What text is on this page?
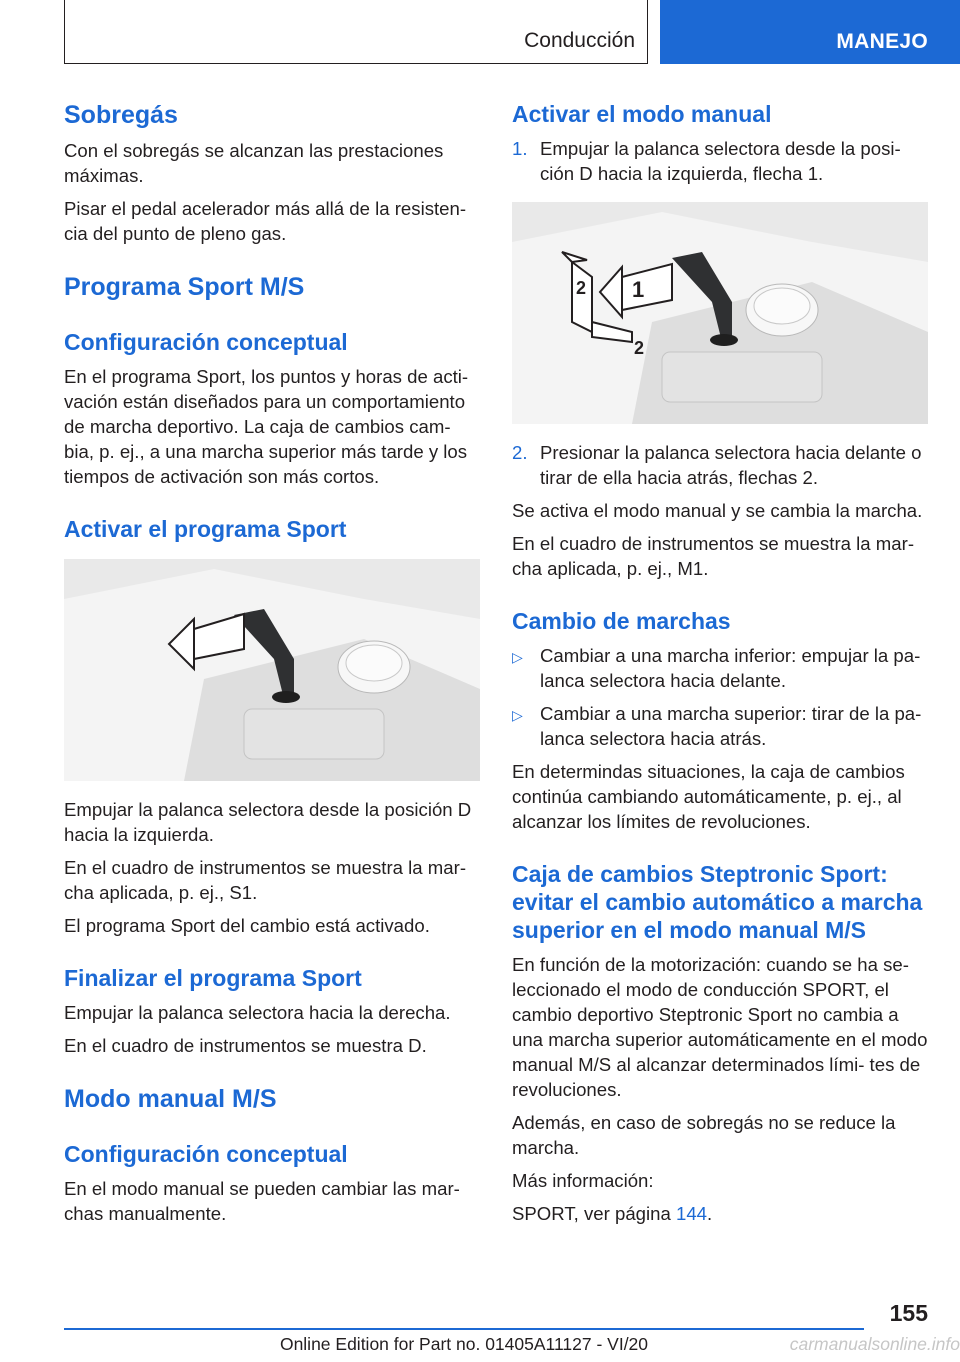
Conducción	MANEJO
Sobregás

Con el sobregás se alcanzan las prestaciones máximas.

Pisar el pedal acelerador más allá de la resisten‐ cia del punto de pleno gas.

Programa Sport M/S
Configuración conceptual

En el programa Sport, los puntos y horas de acti‐ vación están diseñados para un comportamiento de marcha deportivo. La caja de cambios cam‐ bia, p. ej., a una marcha superior más tarde y los tiempos de activación son más cortos.

Activar el programa Sport

Empujar la palanca selectora desde la posición D hacia la izquierda.

En el cuadro de instrumentos se muestra la mar‐ cha aplicada, p. ej., S1.

El programa Sport del cambio está activado.

Finalizar el programa Sport

Empujar la palanca selectora hacia la derecha.

En el cuadro de instrumentos se muestra D.

Modo manual M/S
Configuración conceptual

En el modo manual se pueden cambiar las mar‐ chas manualmente.

Activar el modo manual
1. Empujar la palanca selectora desde la posi‐ ción D hacia la izquierda, flecha 1.
1
2
2
2. Presionar la palanca selectora hacia delante o tirar de ella hacia atrás, flechas 2.

Se activa el modo manual y se cambia la marcha.

En el cuadro de instrumentos se muestra la mar‐ cha aplicada, p. ej., M1.

Cambio de marchas
▷ Cambiar a una marcha inferior: empujar la pa‐ lanca selectora hacia delante.
▷ Cambiar a una marcha superior: tirar de la pa‐ lanca selectora hacia atrás.

En determindas situaciones, la caja de cambios continúa cambiando automáticamente, p. ej., al alcanzar los límites de revoluciones.

Caja de cambios Steptronic Sport: evitar el cambio automático a marcha superior en el modo manual M/S

En función de la motorización: cuando se ha se‐ leccionado el modo de conducción SPORT, el cambio deportivo Steptronic Sport no cambia a una marcha superior automáticamente en el modo manual M/S al alcanzar determinados lími‐ tes de revoluciones.

Además, en caso de sobregás no se reduce la marcha.

Más información:

SPORT, ver página 144.

155
Online Edition for Part no. 01405A11127 - VI/20	carmanualsonline.info
